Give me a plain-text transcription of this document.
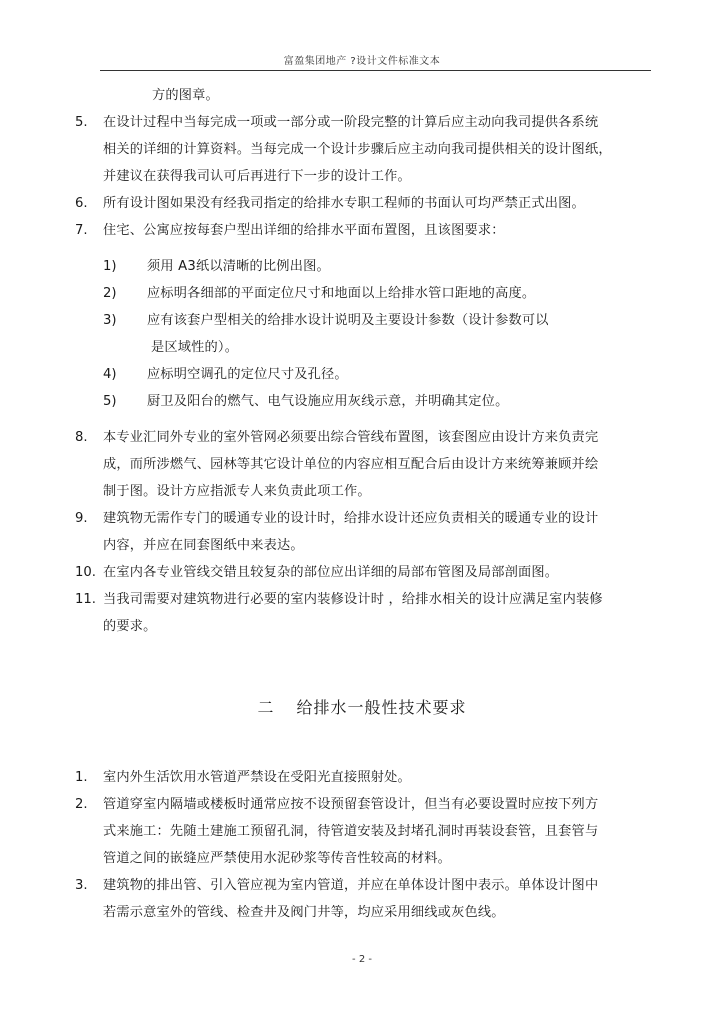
富盈集团地产 ?设计文件标准文本
方的图章。
5. 在设计过程中当每完成一项或一部分或一阶段完整的计算后应主动向我司提供各系统
相关的详细的计算资料。当每完成一个设计步骤后应主动向我司提供相关的设计图纸，
并建议在获得我司认可后再进行下一步的设计工作。
6. 所有设计图如果没有经我司指定的给排水专职工程师的书面认可均严禁正式出图。
7. 住宅、公寓应按每套户型出详细的给排水平面布置图，且该图要求：
1) 须用 A3纸以清晰的比例出图。
2) 应标明各细部的平面定位尺寸和地面以上给排水管口距地的高度。
3) 应有该套户型相关的给排水设计说明及主要设计参数（设计参数可以
是区域性的）。
4) 应标明空调孔的定位尺寸及孔径。
5) 厨卫及阳台的燃气、电气设施应用灰线示意，并明确其定位。
8. 本专业汇同外专业的室外管网必须要出综合管线布置图，该套图应由设计方来负责完
成，而所涉燃气、园林等其它设计单位的内容应相互配合后由设计方来统筹兼顾并绘
制于图。设计方应指派专人来负责此项工作。
9. 建筑物无需作专门的暖通专业的设计时，给排水设计还应负责相关的暖通专业的设计
内容，并应在同套图纸中来表达。
10. 在室内各专业管线交错且较复杂的部位应出详细的局部布管图及局部剖面图。
11. 当我司需要对建筑物进行必要的室内装修设计时 ，给排水相关的设计应满足室内装修
的要求。
1. 室内外生活饮用水管道严禁设在受阳光直接照射处。
2. 管道穿室内隔墙或楼板时通常应按不设预留套管设计，但当有必要设置时应按下列方
式来施工：先随土建施工预留孔洞，待管道安装及封堵孔洞时再装设套管，且套管与
管道之间的嵌缝应严禁使用水泥砂浆等传音性较高的材料。
3. 建筑物的排出管、引入管应视为室内管道，并应在单体设计图中表示。单体设计图中
若需示意室外的管线、检查井及阀门井等，均应采用细线或灰色线。
二 给排水一般性技术要求
- 2 -
